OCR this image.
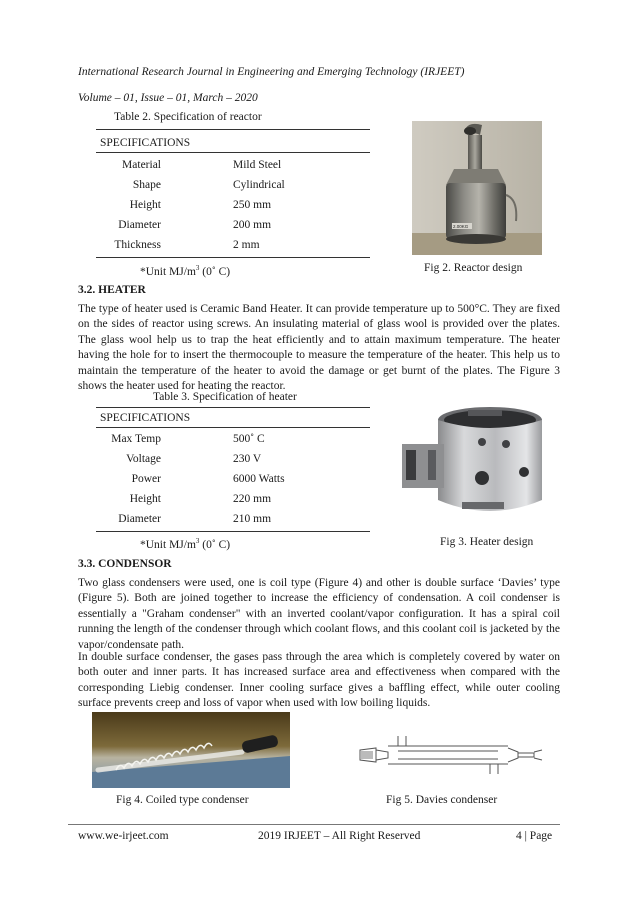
International Research Journal in Engineering and Emerging Technology (IRJEET)
Volume – 01, Issue – 01, March – 2020
Table 2. Specification of reactor
SPECIFICATIONS
Material	Mild Steel
Shape	Cylindrical
Height	250 mm
Diameter	200 mm
Thickness	2 mm
*Unit $MJ/m^3$ (0˚ C)
2.00KG
Fig 2. Reactor design
3.2. HEATER
The type of heater used is Ceramic Band Heater. It can provide temperature up to 500°C. They are fixed on the sides of reactor using screws. An insulating material of glass wool is provided over the plates. The glass wool help us to trap the heat efficiently and to attain maximum temperature. The heater having the hole for to insert the thermocouple to measure the temperature of the heater. This help us to maintain the temperature of the heater to avoid the damage or get burnt of the plates. The Figure 3 shows the heater used for heating the reactor.
Table 3. Specification of heater
SPECIFICATIONS
Max Temp	500˚ C
Voltage	230 V
Power	6000 Watts
Height	220 mm
Diameter	210 mm
*Unit $MJ/m^3$ (0˚ C)	Fig 3. Heater design
3.3. CONDENSOR
Two glass condensers were used, one is coil type (Figure 4) and other is double surface ‘Davies’ type (Figure 5). Both are joined together to increase the efficiency of condensation. A coil condenser is essentially a "Graham condenser" with an inverted coolant/vapor configuration. It has a spiral coil running the length of the condenser through which coolant flows, and this coolant coil is jacketed by the vapor/condensate path.
In double surface condenser, the gases pass through the area which is completely covered by water on both outer and inner parts. It has increased surface area and effectiveness when compared with the corresponding Liebig condenser. Inner cooling surface gives a baffling effect, while outer cooling surface prevents creep and loss of vapor when used with low boiling liquids.
Fig 4. Coiled type condenser	Fig 5. Davies condenser
www.we-irjeet.com	2019 IRJEET – All Right Reserved	4 | Page
